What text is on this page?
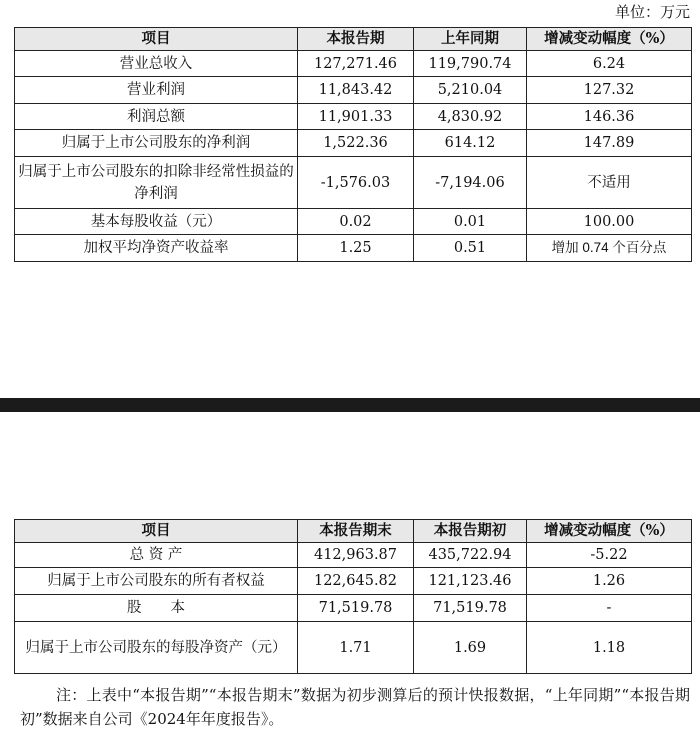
单位：万元
项目	本报告期	上年同期	增减变动幅度（%）
营业总收入	127,271.46	119,790.74	6.24
营业利润	11,843.42	5,210.04	127.32
利润总额	11,901.33	4,830.92	146.36
归属于上市公司股东的净利润	1,522.36	614.12	147.89
归属于上市公司股东的扣除非经常性损益的净利润	-1,576.03	-7,194.06	不适用
基本每股收益（元）	0.02	0.01	100.00
加权平均净资产收益率	1.25	0.51	增加 0.74 个百分点
项目	本报告期末	本报告期初	增减变动幅度（%）
总 资 产	412,963.87	435,722.94	-5.22
归属于上市公司股东的所有者权益	122,645.82	121,123.46	1.26
股　　本	71,519.78	71,519.78	-
归属于上市公司股东的每股净资产（元）	1.71	1.69	1.18
注：上表中“本报告期”“本报告期末”数据为初步测算后的预计快报数据，“上年同期”“本报告期初”数据来自公司《2024年年度报告》。
